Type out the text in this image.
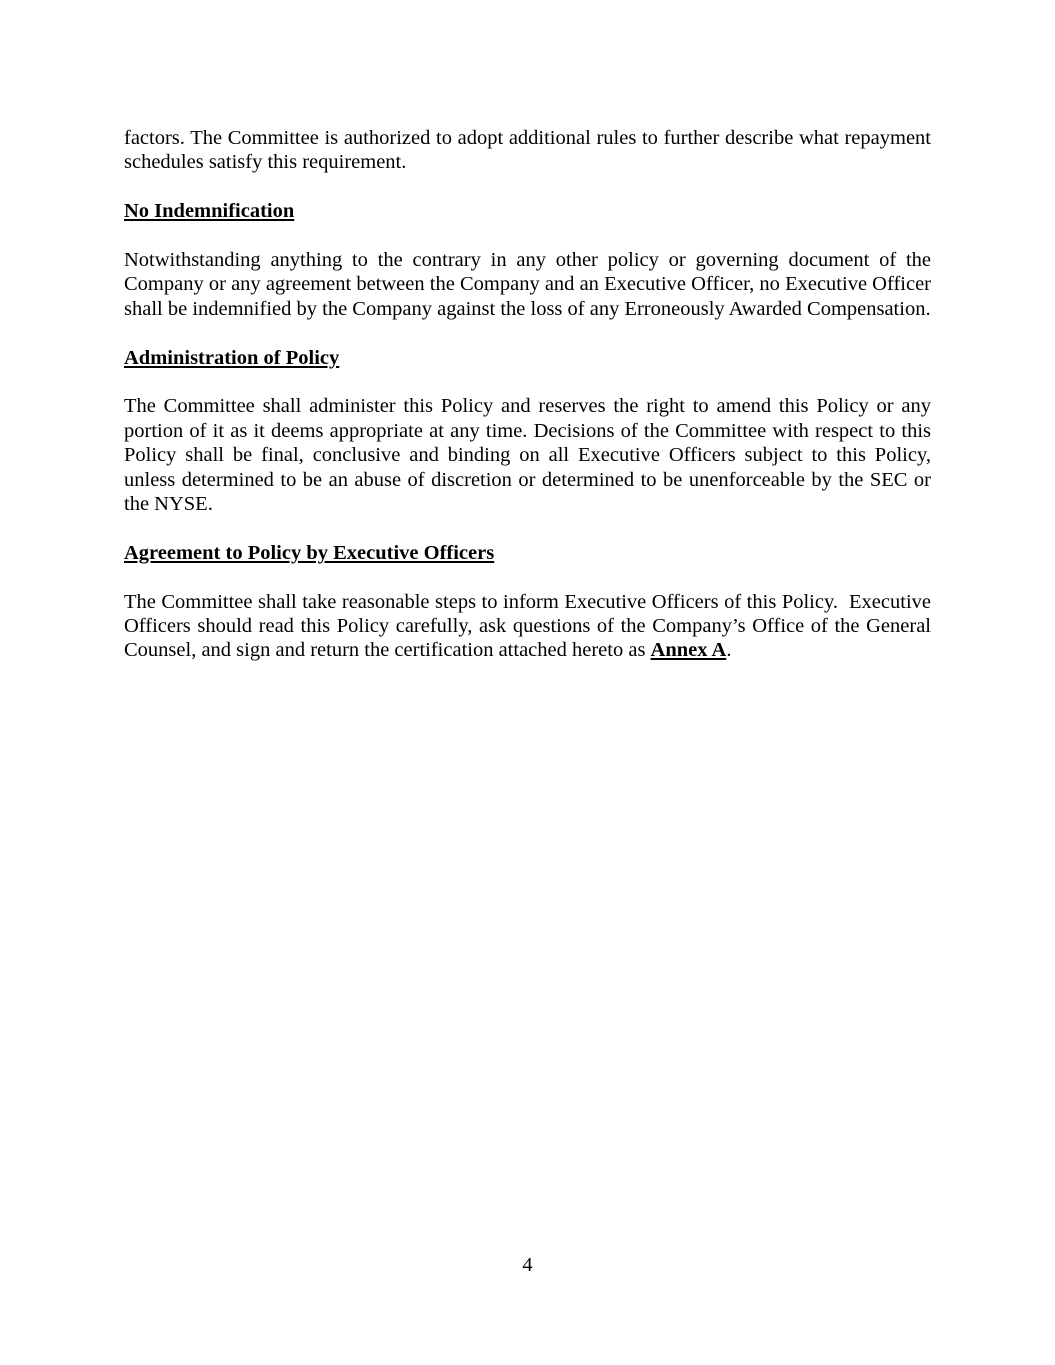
factors. The Committee is authorized to adopt additional rules to further describe what repayment schedules satisfy this requirement.

No Indemnification

Notwithstanding anything to the contrary in any other policy or governing document of the Company or any agreement between the Company and an Executive Officer, no Executive Officer shall be indemnified by the Company against the loss of any Erroneously Awarded Compensation.

Administration of Policy

The Committee shall administer this Policy and reserves the right to amend this Policy or any portion of it as it deems appropriate at any time. Decisions of the Committee with respect to this Policy shall be final, conclusive and binding on all Executive Officers subject to this Policy, unless determined to be an abuse of discretion or determined to be unenforceable by the SEC or the NYSE.

Agreement to Policy by Executive Officers

The Committee shall take reasonable steps to inform Executive Officers of this Policy.  Executive Officers should read this Policy carefully, ask questions of the Company’s Office of the General Counsel, and sign and return the certification attached hereto as Annex A.

4
